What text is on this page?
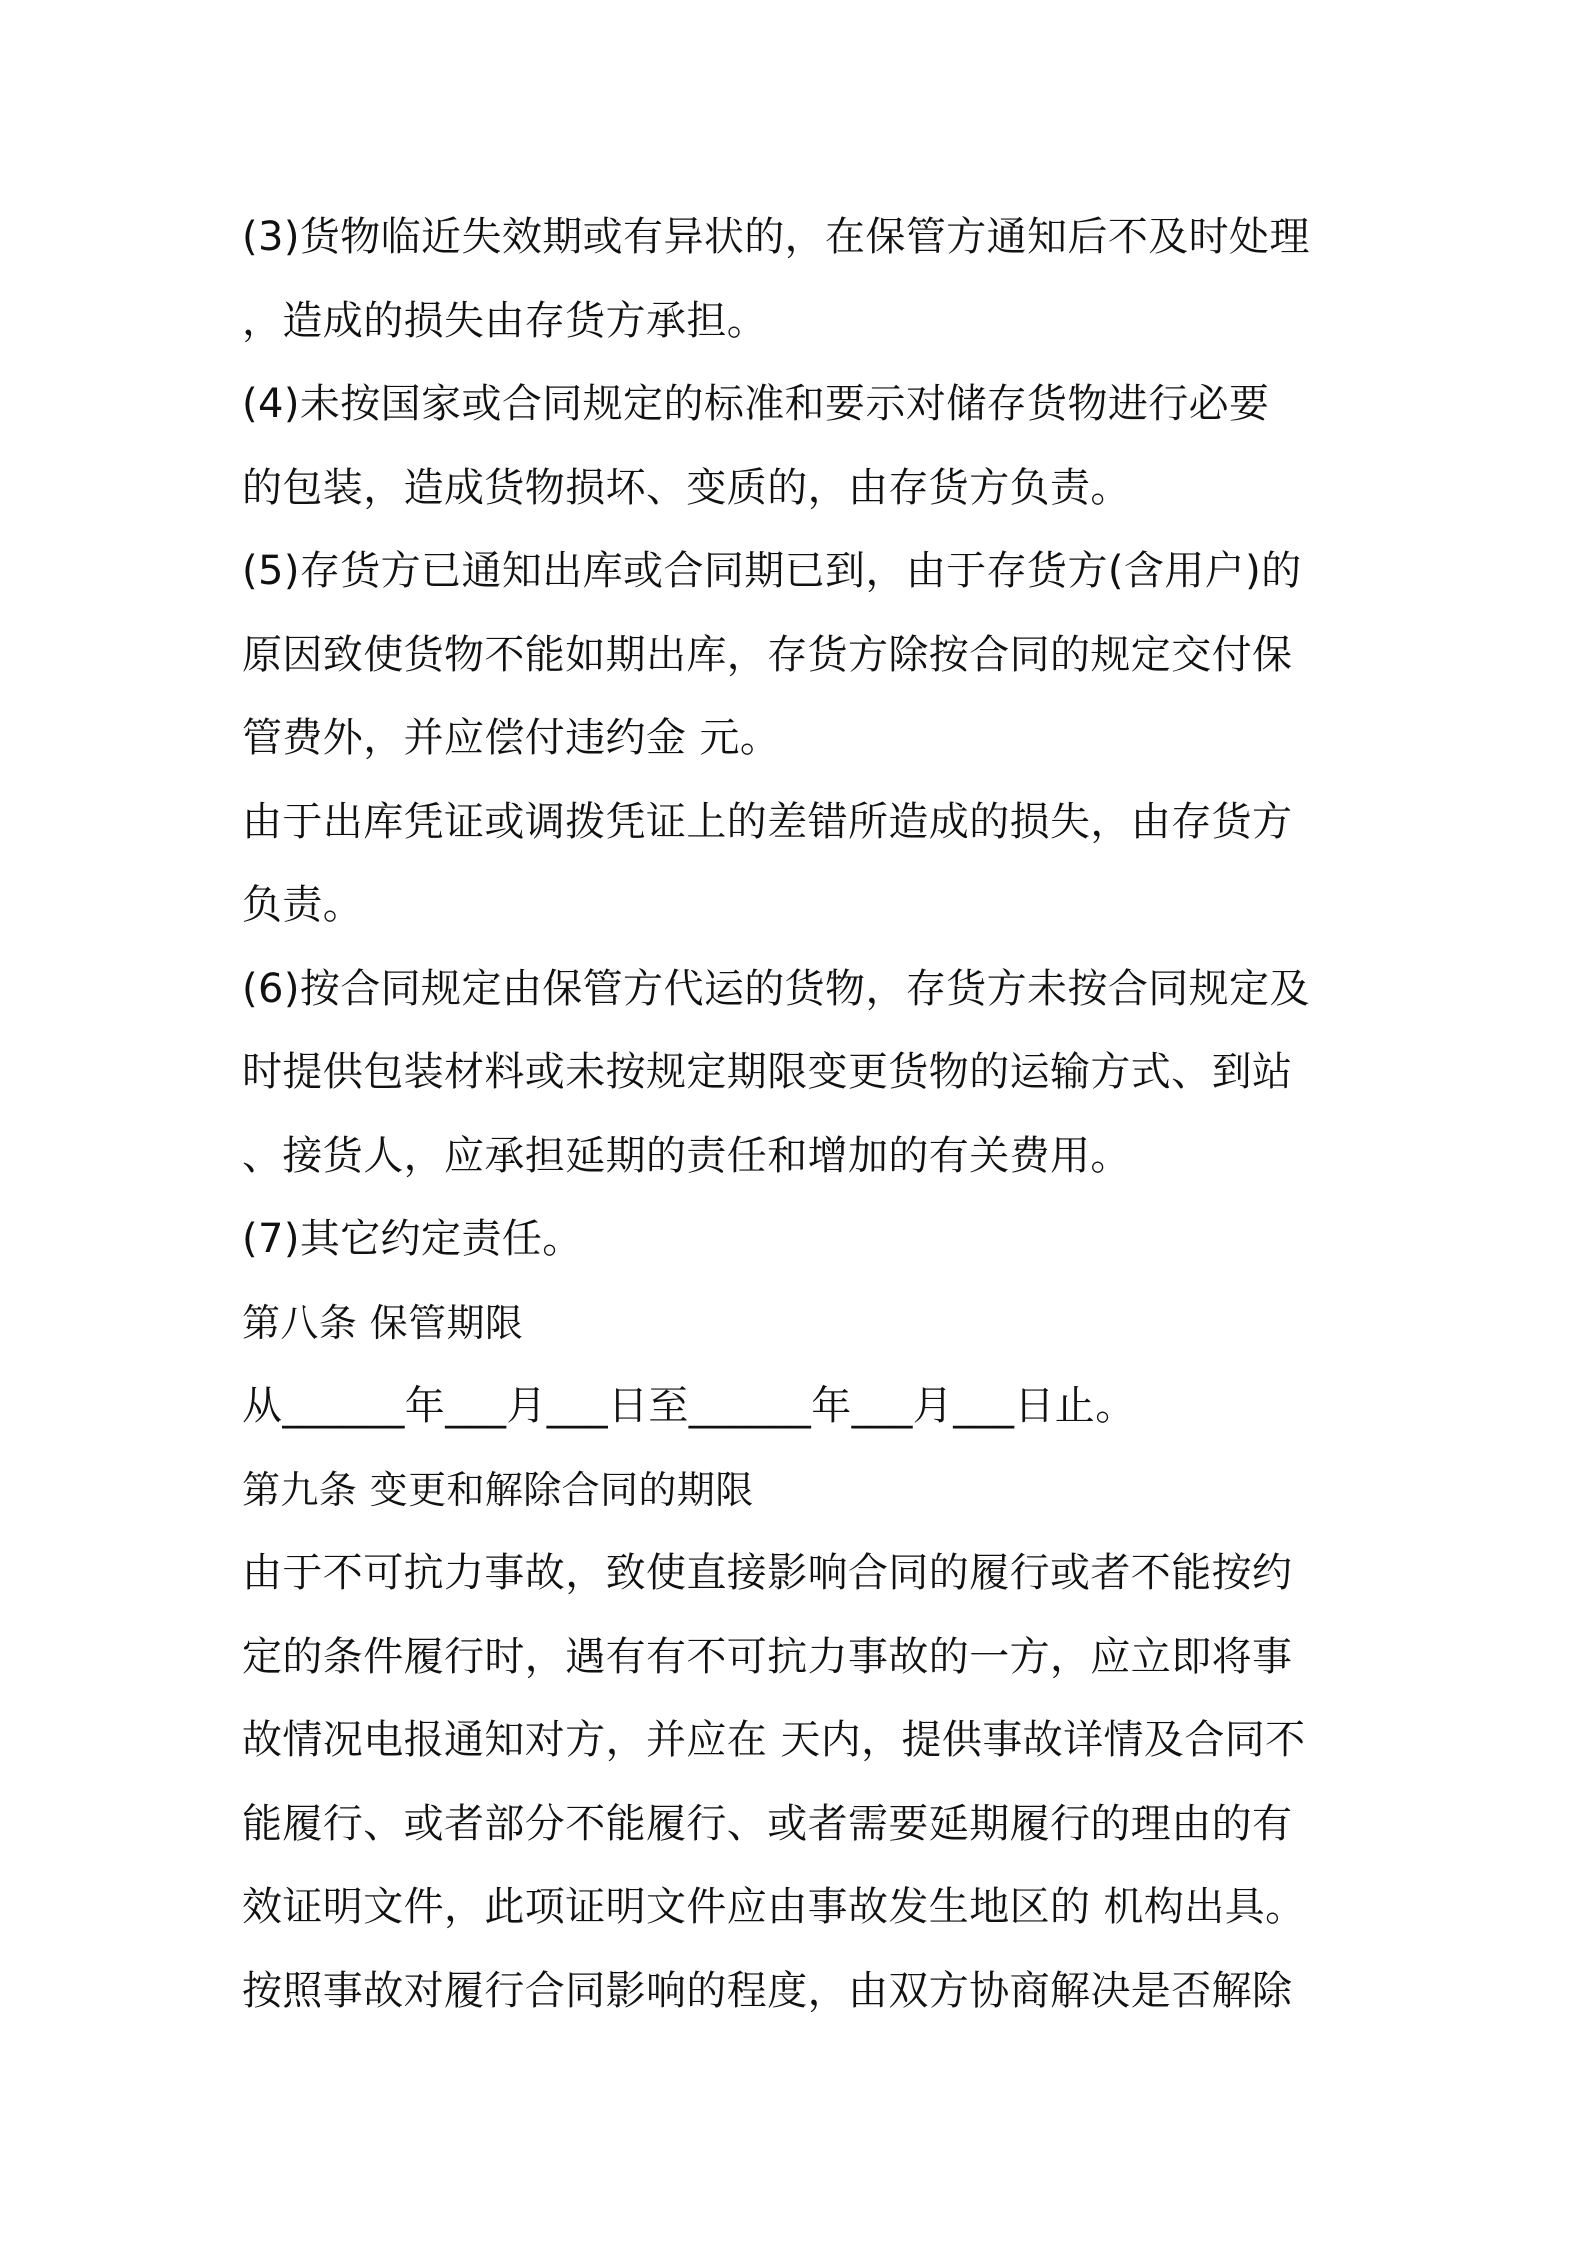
(3)货物临近失效期或有异状的，在保管方通知后不及时处理
，造成的损失由存货方承担。
(4)未按国家或合同规定的标准和要示对储存货物进行必要
的包装，造成货物损坏、变质的，由存货方负责。
(5)存货方已通知出库或合同期已到，由于存货方(含用户)的
原因致使货物不能如期出库，存货方除按合同的规定交付保
管费外，并应偿付违约金 元。
由于出库凭证或调拨凭证上的差错所造成的损失，由存货方
负责。
(6)按合同规定由保管方代运的货物，存货方未按合同规定及
时提供包装材料或未按规定期限变更货物的运输方式、到站
、接货人，应承担延期的责任和增加的有关费用。
(7)其它约定责任。
第八条 保管期限
从______年___月___日至______年___月___日止。
第九条 变更和解除合同的期限
由于不可抗力事故，致使直接影响合同的履行或者不能按约
定的条件履行时，遇有有不可抗力事故的一方，应立即将事
故情况电报通知对方，并应在 天内，提供事故详情及合同不
能履行、或者部分不能履行、或者需要延期履行的理由的有
效证明文件，此项证明文件应由事故发生地区的 机构出具。
按照事故对履行合同影响的程度，由双方协商解决是否解除
